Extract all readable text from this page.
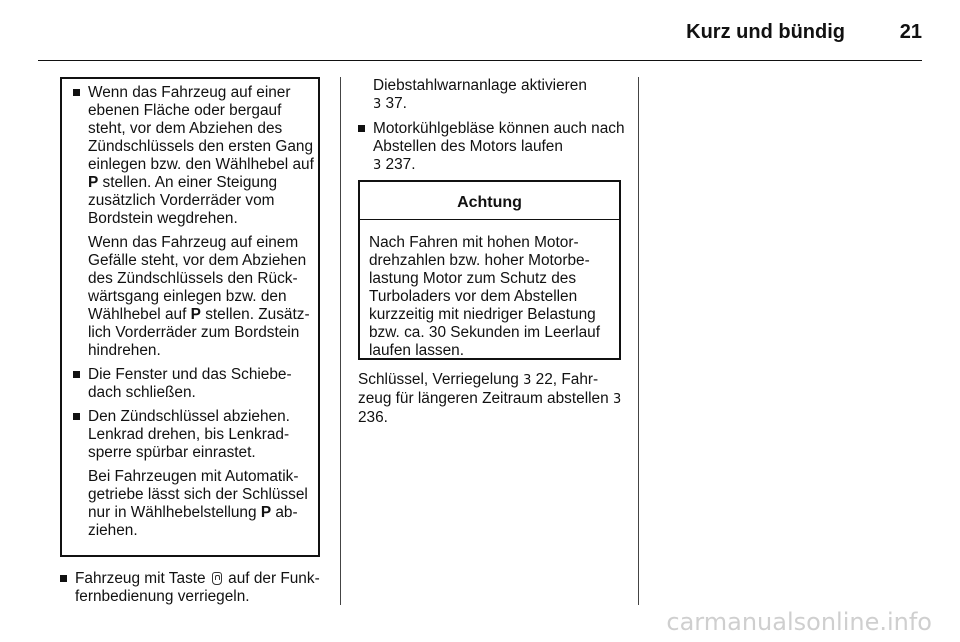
Kurz und bündig	21
Wenn das Fahrzeug auf einer ebenen Fläche oder bergauf steht, vor dem Abziehen des Zündschlüssels den ersten Gang einlegen bzw. den Wählhebel auf P stellen. An einer Steigung zusätzlich Vorderräder vom Bordstein wegdrehen.

Wenn das Fahrzeug auf einem Gefälle steht, vor dem Abziehen des Zündschlüssels den Rückwärtsgang einlegen bzw. den Wählhebel auf P stellen. Zusätzlich Vorderräder zum Bordstein hindrehen.

Die Fenster und das Schiebedach schließen.
Den Zündschlüssel abziehen. Lenkrad drehen, bis Lenkradsperre spürbar einrastet.

Bei Fahrzeugen mit Automatikgetriebe lässt sich der Schlüssel nur in Wählhebelstellung P abziehen.

Fahrzeug mit Taste  auf der Funkfernbedienung verriegeln.

Diebstahlwarnanlage aktivieren
3 37.

Motorkühlgebläse können auch nach Abstellen des Motors laufen
3 237.
Achtung
Nach Fahren mit hohen Motordrehzahlen bzw. hoher Motorbelastung Motor zum Schutz des Turboladers vor dem Abstellen kurzzeitig mit niedriger Belastung bzw. ca. 30 Sekunden im Leerlauf laufen lassen.
Schlüssel, Verriegelung 3 22, Fahrzeug für längeren Zeitraum abstellen 3 236.
carmanualsonline.info
